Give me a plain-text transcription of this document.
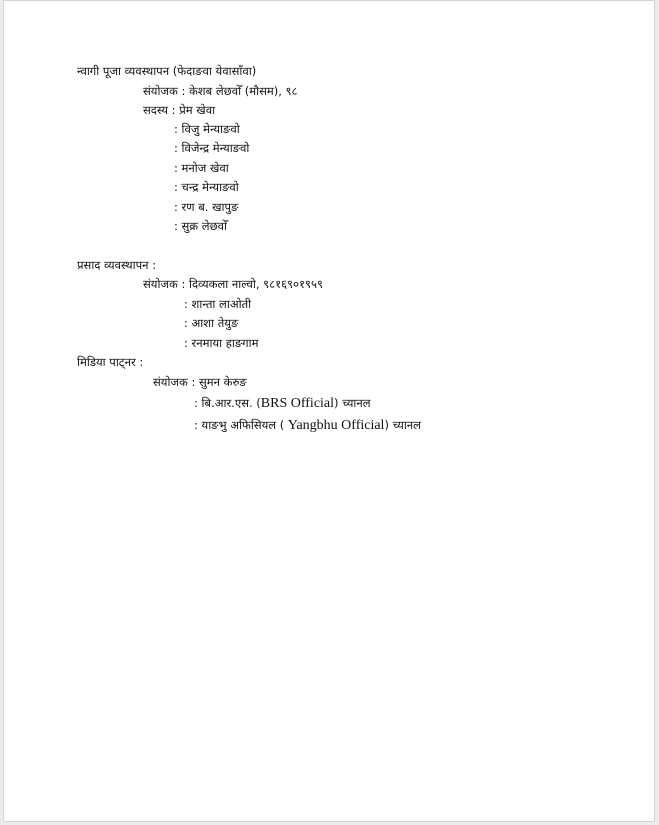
न्वागी पूजा व्यवस्थापन (फेदाङवा येवासाँवा)
संयोजक : केशब लेछवोँ (मौसम), ९८
सदस्य : प्रेम खेवा
: विजु मेन्याङवो
: विजेन्द्र मेन्याङवो
: मनोज खेवा
: चन्द्र मेन्याङवो
: रण ब. खापुङ
: सुक्र लेछवोँ
प्रसाद व्यवस्थापन :
संयोजक : दिव्यकला नाल्वो, ९८१६९०१९५९
: शान्ता लाओती
: आशा तेयुङ
: रनमाया हाङगाम
मिडिया पाट्नर :
संयोजक : सुमन केरुङ
: बि.आर.एस. (BRS Official) च्यानल
: याङभु अफिसियल ( Yangbhu Official) च्यानल
